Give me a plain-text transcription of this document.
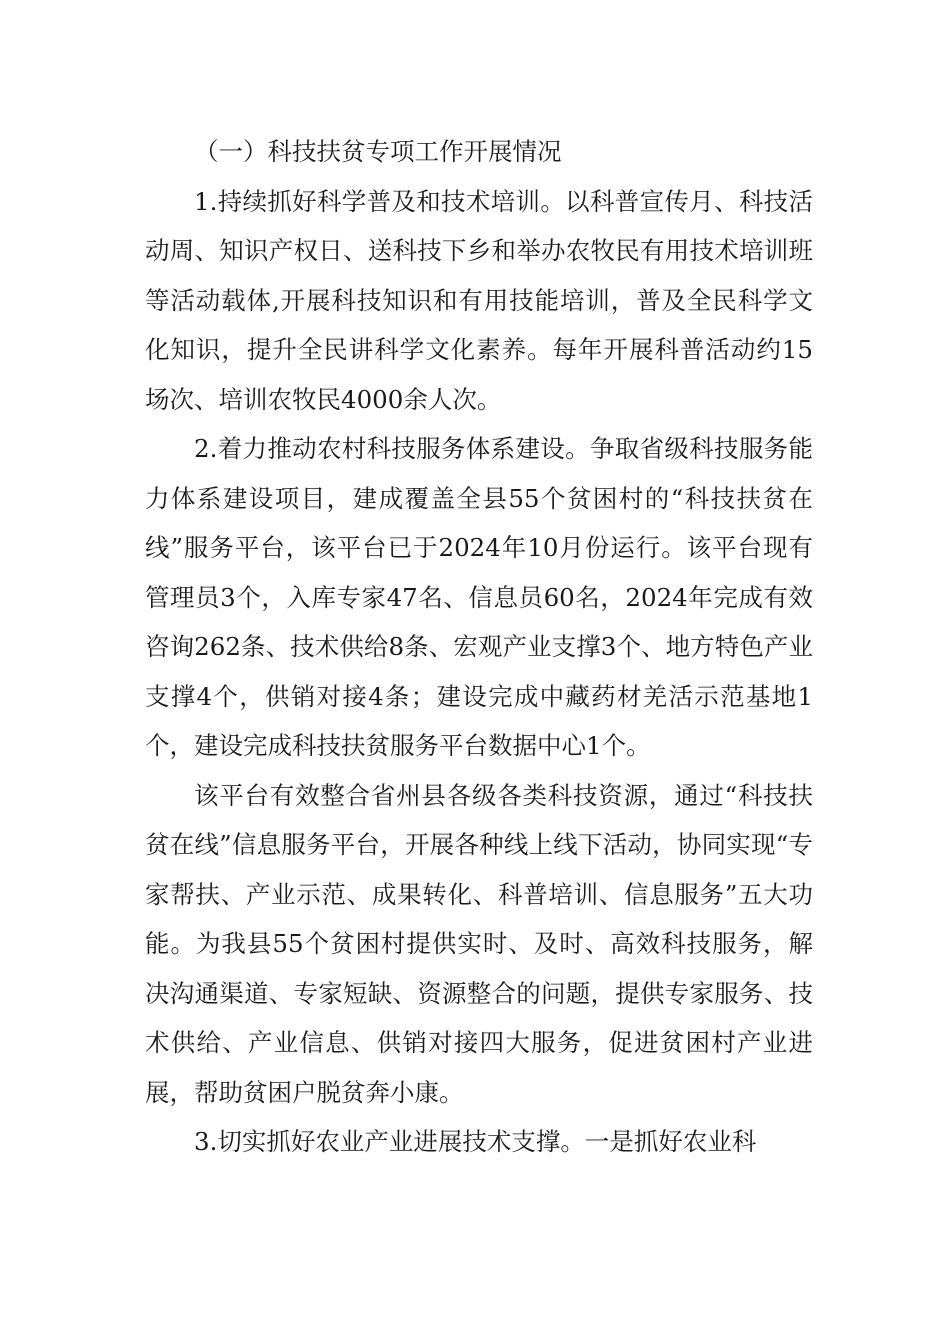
（一）科技扶贫专项工作开展情况

1.持续抓好科学普及和技术培训。以科普宣传月、科技活动周、知识产权日、送科技下乡和举办农牧民有用技术培训班等活动载体,开展科技知识和有用技能培训，普及全民科学文化知识，提升全民讲科学文化素养。每年开展科普活动约15场次、培训农牧民4000余人次。

2.着力推动农村科技服务体系建设。争取省级科技服务能力体系建设项目，建成覆盖全县55个贫困村的“科技扶贫在线”服务平台，该平台已于2024年10月份运行。该平台现有管理员3个，入库专家47名、信息员60名，2024年完成有效咨询262条、技术供给8条、宏观产业支撑3个、地方特色产业支撑4个，供销对接4条；建设完成中藏药材羌活示范基地1个，建设完成科技扶贫服务平台数据中心1个。

该平台有效整合省州县各级各类科技资源，通过“科技扶贫在线”信息服务平台，开展各种线上线下活动，协同实现“专家帮扶、产业示范、成果转化、科普培训、信息服务”五大功能。为我县55个贫困村提供实时、及时、高效科技服务，解决沟通渠道、专家短缺、资源整合的问题，提供专家服务、技术供给、产业信息、供销对接四大服务，促进贫困村产业进展，帮助贫困户脱贫奔小康。

3.切实抓好农业产业进展技术支撑。一是抓好农业科
